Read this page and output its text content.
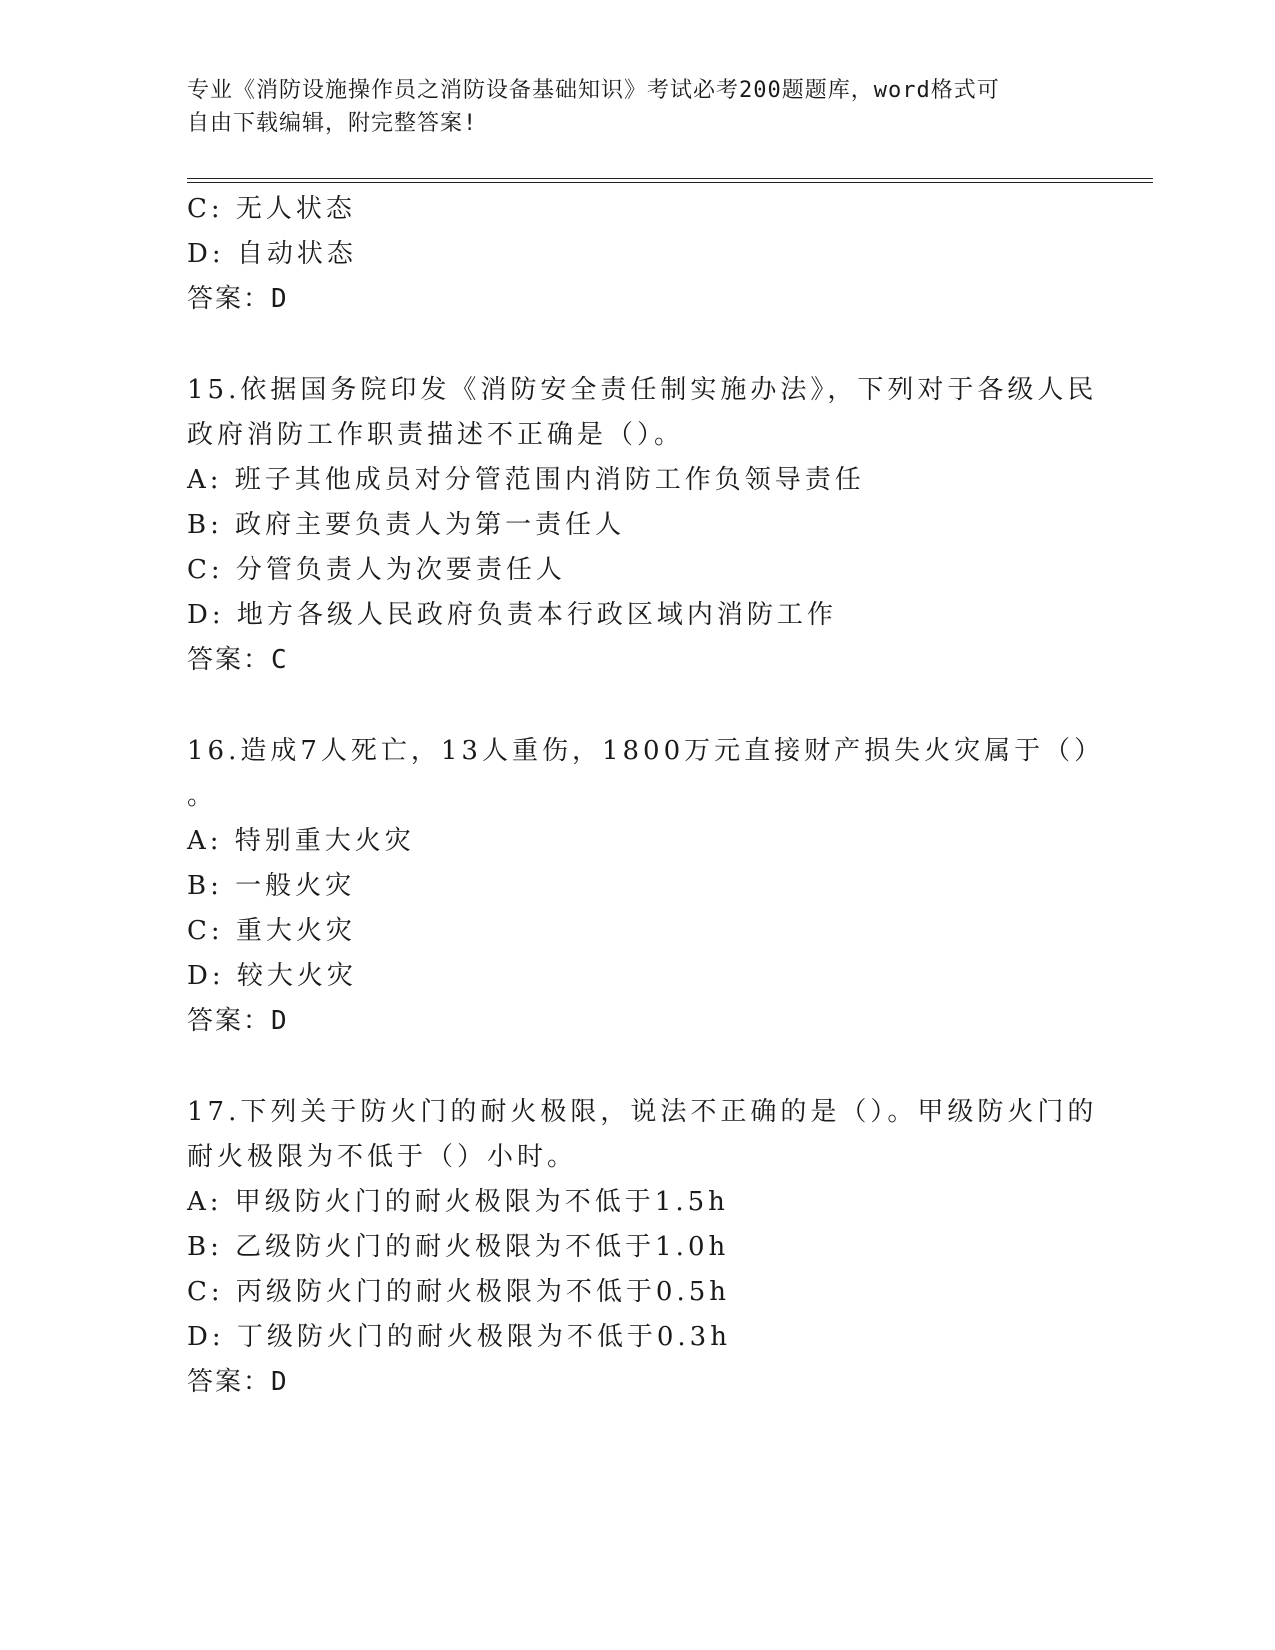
专业《消防设施操作员之消防设备基础知识》考试必考200题题库，word格式可
自由下载编辑，附完整答案!
C: 无人状态
D: 自动状态
答案：D
15.依据国务院印发《消防安全责任制实施办法》，下列对于各级人民
政府消防工作职责描述不正确是（）。
A: 班子其他成员对分管范围内消防工作负领导责任
B: 政府主要负责人为第一责任人
C: 分管负责人为次要责任人
D: 地方各级人民政府负责本行政区域内消防工作
答案：C
16.造成7人死亡，13人重伤，1800万元直接财产损失火灾属于（）
。
A: 特别重大火灾
B: 一般火灾
C: 重大火灾
D: 较大火灾
答案：D
17.下列关于防火门的耐火极限，说法不正确的是（）。甲级防火门的
耐火极限为不低于（）小时。
A: 甲级防火门的耐火极限为不低于1.5h
B: 乙级防火门的耐火极限为不低于1.0h
C: 丙级防火门的耐火极限为不低于0.5h
D: 丁级防火门的耐火极限为不低于0.3h
答案：D
